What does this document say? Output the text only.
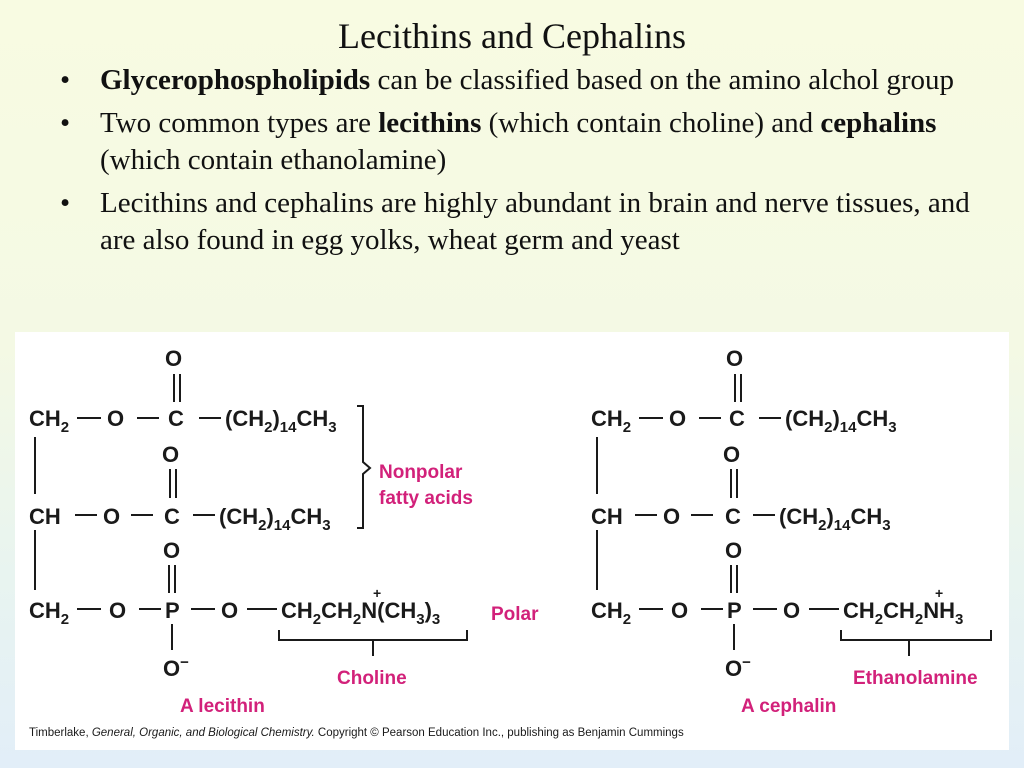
Lecithins and Cephalins
• Glycerophospholipids can be classified based on the amino alchol group
• Two common types are lecithins (which contain choline) and cephalins (which contain ethanolamine)
• Lecithins and cephalins are highly abundant in brain and nerve tissues, and are also found in egg yolks, wheat germ and yeast
O
$CH_2$ O C $(CH_2)_{14}CH_3$
O
CH O C $(CH_2)_{14}CH_3$
O
$CH_2$ O P O $CH_2CH_2N(CH_3)_3$
+
O−
Nonpolar
fatty acids
Polar
Choline
A lecithin
O
$CH_2$ O C $(CH_2)_{14}CH_3$
O
CH O C $(CH_2)_{14}CH_3$
O
$CH_2$ O P O $CH_2CH_2NH_3$
+
O−
Ethanolamine
A cephalin
Timberlake, General, Organic, and Biological Chemistry. Copyright © Pearson Education Inc., publishing as Benjamin Cummings
